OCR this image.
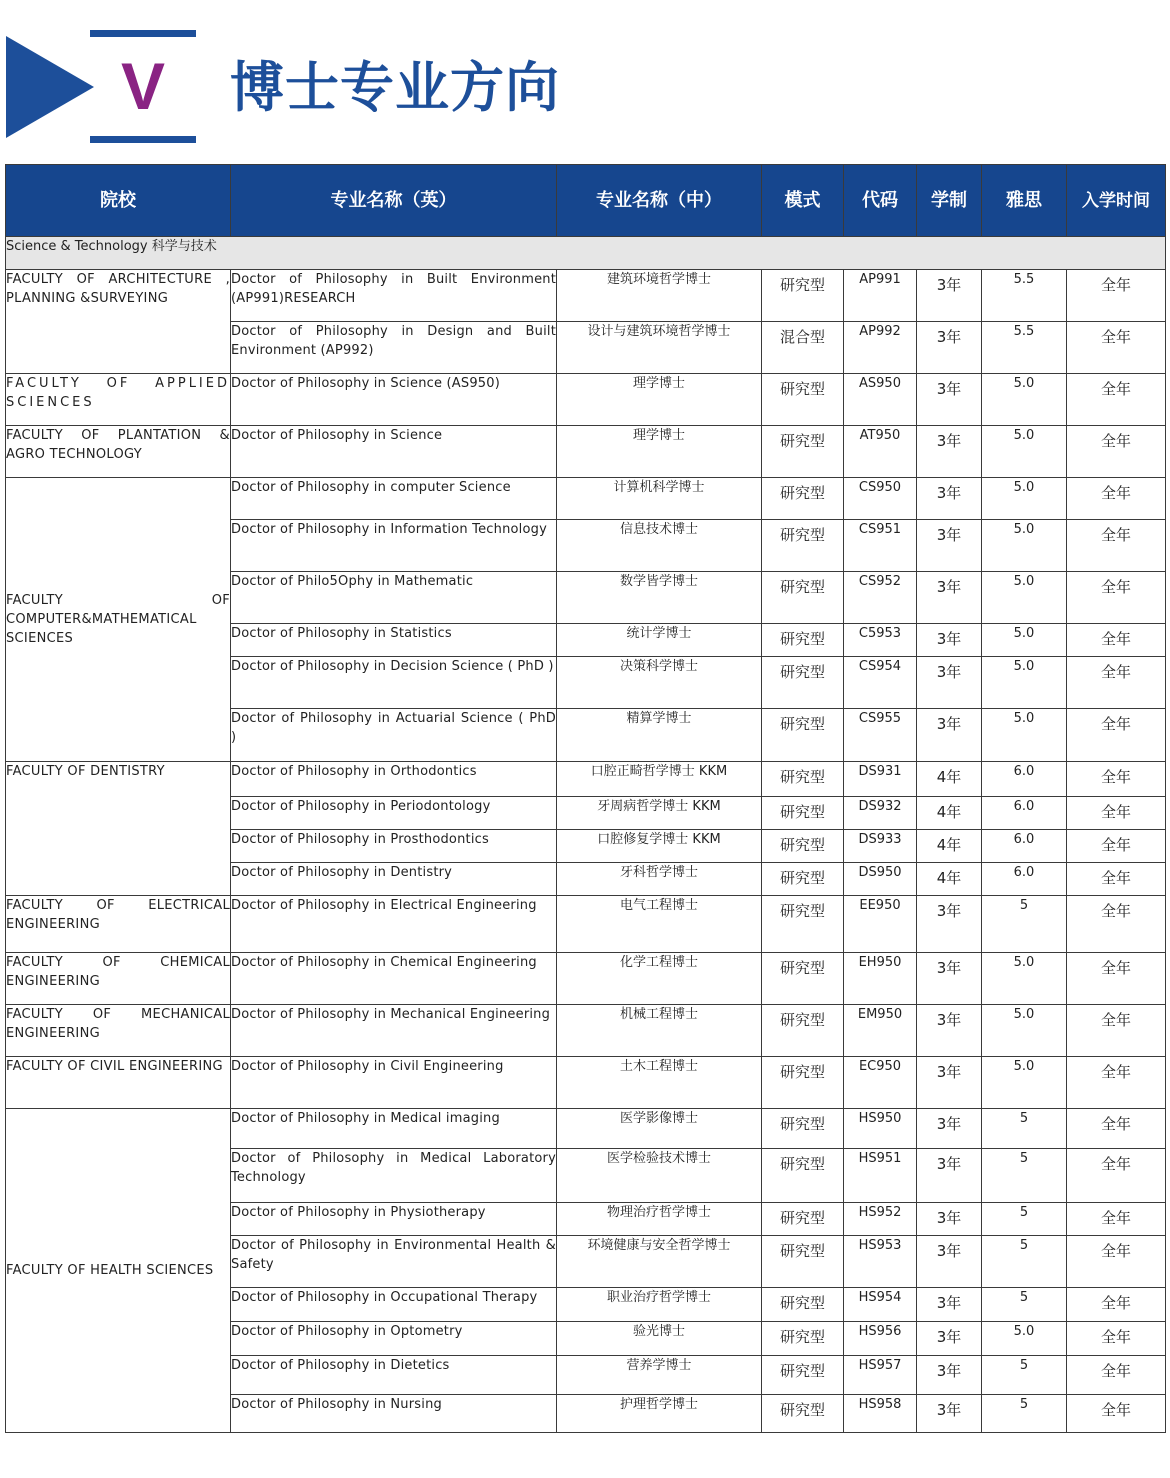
V	博士专业方向
院校	专业名称（英）	专业名称（中）	模式	代码	学制	雅思	入学时间
Science & Technology 科学与技术							
FACULTY OF ARCHITECTURE , PLANNING &SURVEYING	Doctor of Philosophy in Built Environment (AP991)RESEARCH	建筑环境哲学博士	研究型	AP991	3年	5.5	全年
	Doctor of Philosophy in Design and Built Environment (AP992)	设计与建筑环境哲学博士	混合型	AP992	3年	5.5	全年
FACULTY OF APPLIED SCIENCES	Doctor of Philosophy in Science (AS950)	理学博士	研究型	AS950	3年	5.0	全年
FACULTY OF PLANTATION & AGRO TECHNOLOGY	Doctor of Philosophy in Science	理学博士	研究型	AT950	3年	5.0	全年
FACULTY OF COMPUTER&MATHEMATICAL SCIENCES	Doctor of Philosophy in computer Science	计算机科学博士	研究型	CS950	3年	5.0	全年
	Doctor of Philosophy in Information Technology	信息技术博士	研究型	CS951	3年	5.0	全年
	Doctor of Philo5Ophy in Mathematic	数学皆学博士	研究型	CS952	3年	5.0	全年
	Doctor of Philosophy in Statistics	统计学博士	研究型	C5953	3年	5.0	全年
	Doctor of Philosophy in Decision Science ( PhD )	决策科学博士	研究型	CS954	3年	5.0	全年
	Doctor of Philosophy in Actuarial Science ( PhD )	精算学博士	研究型	CS955	3年	5.0	全年
FACULTY OF DENTISTRY	Doctor of Philosophy in Orthodontics	口腔正畸哲学博士 KKM	研究型	DS931	4年	6.0	全年
	Doctor of Philosophy in Periodontology	牙周病哲学博士 KKM	研究型	DS932	4年	6.0	全年
	Doctor of Philosophy in Prosthodontics	口腔修复学博士 KKM	研究型	DS933	4年	6.0	全年
	Doctor of Philosophy in Dentistry	牙科哲学博士	研究型	DS950	4年	6.0	全年
FACULTY OF ELECTRICAL ENGINEERING	Doctor of Philosophy in Electrical Engineering	电气工程博士	研究型	EE950	3年	5	全年
FACULTY OF CHEMICAL ENGINEERING	Doctor of Philosophy in Chemical Engineering	化学工程博士	研究型	EH950	3年	5.0	全年
FACULTY OF MECHANICAL ENGINEERING	Doctor of Philosophy in Mechanical Engineering	机械工程博士	研究型	EM950	3年	5.0	全年
FACULTY OF CIVIL ENGINEERING	Doctor of Philosophy in Civil Engineering	土木工程博士	研究型	EC950	3年	5.0	全年
FACULTY OF HEALTH SCIENCES	Doctor of Philosophy in Medical imaging	医学影像博士	研究型	HS950	3年	5	全年
	Doctor of Philosophy in Medical Laboratory Technology	医学检验技术博士	研究型	HS951	3年	5	全年
	Doctor of Philosophy in Physiotherapy	物理治疗哲学博士	研究型	HS952	3年	5	全年
	Doctor of Philosophy in Environmental Health & Safety	环境健康与安全哲学博士	研究型	HS953	3年	5	全年
	Doctor of Philosophy in Occupational Therapy	职业治疗哲学博士	研究型	HS954	3年	5	全年
	Doctor of Philosophy in Optometry	验光博士	研究型	HS956	3年	5.0	全年
	Doctor of Philosophy in Dietetics	营养学博士	研究型	HS957	3年	5	全年
	Doctor of Philosophy in Nursing	护理哲学博士	研究型	HS958	3年	5	全年
